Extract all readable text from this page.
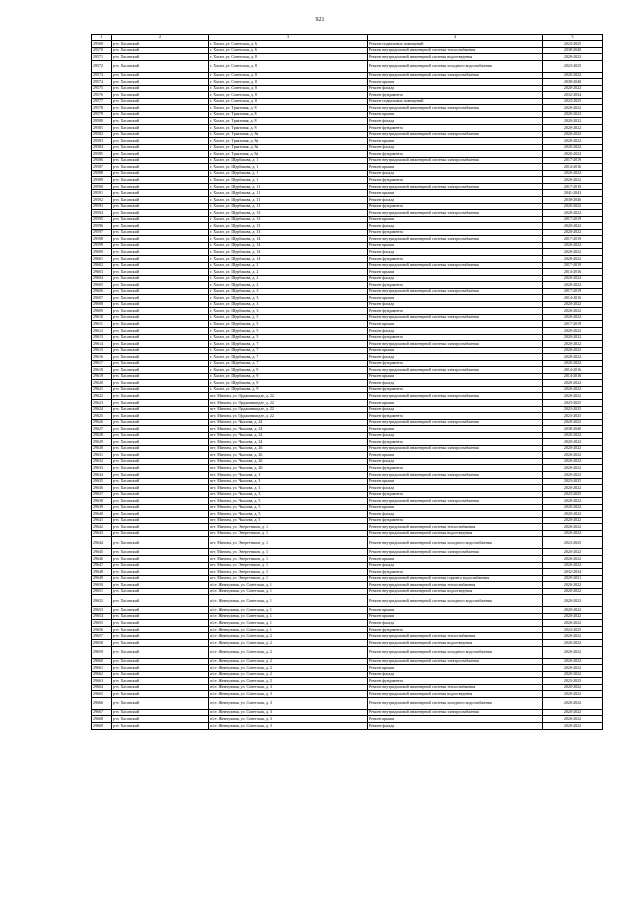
921
1	2	3	4	5
29569	р-н. Хасанский	г. Хасан, ул. Советская, д. 6	Ремонт подвальных помещений	2023-2025
29570	р-н. Хасанский	г. Хасан, ул. Советская, д. 6	Ремонт внутридомовой инженерной системы теплоснабжения	2038-2040
29571	р-н. Хасанский	г. Хасан, ул. Советская, д. 8	Ремонт внутридомовой инженерной системы водоотведения	2020-2022
29572	р-н. Хасанский	г. Хасан, ул. Советская, д. 8	Ремонт внутридомовой инженерной системы холодного водоснабжения	2023-2025
29573	р-н. Хасанский	г. Хасан, ул. Советская, д. 8	Ремонт внутридомовой инженерной системы электроснабжения	2020-2022
29574	р-н. Хасанский	г. Хасан, ул. Советская, д. 8	Ремонт крыши	2038-2040
29575	р-н. Хасанский	г. Хасан, ул. Советская, д. 8	Ремонт фасада	2020-2022
29576	р-н. Хасанский	г. Хасан, ул. Советская, д. 8	Ремонт фундамента	2032-2034
29577	р-н. Хасанский	г. Хасан, ул. Советская, д. 8	Ремонт подвальных помещений	2023-2025
29578	р-н. Хасанский	г. Хасан, ул. Трактовая, д. 8	Ремонт внутридомовой инженерной системы электроснабжения	2020-2022
29579	р-н. Хасанский	г. Хасан, ул. Трактовая, д. 8	Ремонт крыши	2020-2022
29580	р-н. Хасанский	г. Хасан, ул. Трактовая, д. 8	Ремонт фасада	2020-2022
29581	р-н. Хасанский	г. Хасан, ул. Трактовая, д. 8	Ремонт фундамента	2020-2022
29582	р-н. Хасанский	г. Хасан, ул. Трактовая, д. 8а	Ремонт внутридомовой инженерной системы электроснабжения	2020-2022
29583	р-н. Хасанский	г. Хасан, ул. Трактовая, д. 8а	Ремонт крыши	2020-2022
29584	р-н. Хасанский	г. Хасан, ул. Трактовая, д. 8а	Ремонт фасада	2020-2022
29585	р-н. Хасанский	г. Хасан, ул. Трактовая, д. 8а	Ремонт фундамента	2020-2022
29586	р-н. Хасанский	г. Хасан, ул. Щербакова, д. 1	Ремонт внутридомовой инженерной системы электроснабжения	2017-2019
29587	р-н. Хасанский	г. Хасан, ул. Щербакова, д. 1	Ремонт крыши	2014-2016
29588	р-н. Хасанский	г. Хасан, ул. Щербакова, д. 1	Ремонт фасада	2020-2022
29589	р-н. Хасанский	г. Хасан, ул. Щербакова, д. 1	Ремонт фундамента	2020-2022
29590	р-н. Хасанский	г. Хасан, ул. Щербакова, д. 11	Ремонт внутридомовой инженерной системы электроснабжения	2017-2019
29591	р-н. Хасанский	г. Хасан, ул. Щербакова, д. 11	Ремонт крыши	2041-2043
29592	р-н. Хасанский	г. Хасан, ул. Щербакова, д. 11	Ремонт фасада	2038-2040
29593	р-н. Хасанский	г. Хасан, ул. Щербакова, д. 11	Ремонт фундамента	2020-2022
29594	р-н. Хасанский	г. Хасан, ул. Щербакова, д. 13	Ремонт внутридомовой инженерной системы электроснабжения	2020-2022
29595	р-н. Хасанский	г. Хасан, ул. Щербакова, д. 13	Ремонт крыши	2017-2019
29596	р-н. Хасанский	г. Хасан, ул. Щербакова, д. 13	Ремонт фасада	2020-2022
29597	р-н. Хасанский	г. Хасан, ул. Щербакова, д. 13	Ремонт фундамента	2020-2022
29598	р-н. Хасанский	г. Хасан, ул. Щербакова, д. 14	Ремонт внутридомовой инженерной системы электроснабжения	2017-2019
29599	р-н. Хасанский	г. Хасан, ул. Щербакова, д. 14	Ремонт крыши	2020-2022
29600	р-н. Хасанский	г. Хасан, ул. Щербакова, д. 14	Ремонт фасада	2020-2022
29601	р-н. Хасанский	г. Хасан, ул. Щербакова, д. 14	Ремонт фундамента	2020-2022
29602	р-н. Хасанский	г. Хасан, ул. Щербакова, д. 2	Ремонт внутридомовой инженерной системы электроснабжения	2017-2019
29603	р-н. Хасанский	г. Хасан, ул. Щербакова, д. 2	Ремонт крыши	2014-2016
29604	р-н. Хасанский	г. Хасан, ул. Щербакова, д. 2	Ремонт фасада	2020-2022
29605	р-н. Хасанский	г. Хасан, ул. Щербакова, д. 2	Ремонт фундамента	2020-2022
29606	р-н. Хасанский	г. Хасан, ул. Щербакова, д. 3	Ремонт внутридомовой инженерной системы электроснабжения	2017-2019
29607	р-н. Хасанский	г. Хасан, ул. Щербакова, д. 3	Ремонт крыши	2014-2016
29608	р-н. Хасанский	г. Хасан, ул. Щербакова, д. 3	Ремонт фасада	2020-2022
29609	р-н. Хасанский	г. Хасан, ул. Щербакова, д. 3	Ремонт фундамента	2020-2022
29610	р-н. Хасанский	г. Хасан, ул. Щербакова, д. 5	Ремонт внутридомовой инженерной системы электроснабжения	2020-2022
29611	р-н. Хасанский	г. Хасан, ул. Щербакова, д. 5	Ремонт крыши	2017-2019
29612	р-н. Хасанский	г. Хасан, ул. Щербакова, д. 5	Ремонт фасада	2020-2022
29613	р-н. Хасанский	г. Хасан, ул. Щербакова, д. 5	Ремонт фундамента	2020-2022
29614	р-н. Хасанский	г. Хасан, ул. Щербакова, д. 7	Ремонт внутридомовой инженерной системы электроснабжения	2020-2022
29615	р-н. Хасанский	г. Хасан, ул. Щербакова, д. 7	Ремонт крыши	2020-2022
29616	р-н. Хасанский	г. Хасан, ул. Щербакова, д. 7	Ремонт фасада	2020-2022
29617	р-н. Хасанский	г. Хасан, ул. Щербакова, д. 7	Ремонт фундамента	2020-2022
29618	р-н. Хасанский	г. Хасан, ул. Щербакова, д. 9	Ремонт внутридомовой инженерной системы электроснабжения	2014-2016
29619	р-н. Хасанский	г. Хасан, ул. Щербакова, д. 9	Ремонт крыши	2014-2016
29620	р-н. Хасанский	г. Хасан, ул. Щербакова, д. 9	Ремонт фасада	2020-2022
29621	р-н. Хасанский	г. Хасан, ул. Щербакова, д. 9	Ремонт фундамента	2020-2022
29622	р-н. Хасанский	пгт. Мангам, ул. Орджоникидзе, д. 22	Ремонт внутридомовой инженерной системы электроснабжения	2020-2022
29623	р-н. Хасанский	пгт. Мангам, ул. Орджоникидзе, д. 22	Ремонт крыши	2023-2025
29624	р-н. Хасанский	пгт. Мангам, ул. Орджоникидзе, д. 22	Ремонт фасада	2023-2025
29625	р-н. Хасанский	пгт. Мангам, ул. Орджоникидзе, д. 22	Ремонт фундамента	2023-2025
29626	р-н. Хасанский	пгт. Мангам, ул. Чкалова, д. 24	Ремонт внутридомовой инженерной системы электроснабжения	2020-2022
29627	р-н. Хасанский	пгт. Мангам, ул. Чкалова, д. 24	Ремонт крыши	2038-2040
29628	р-н. Хасанский	пгт. Мангам, ул. Чкалова, д. 24	Ремонт фасада	2020-2022
29629	р-н. Хасанский	пгт. Мангам, ул. Чкалова, д. 24	Ремонт фундамента	2020-2022
29630	р-н. Хасанский	пгт. Мангам, ул. Чкалова, д. 26	Ремонт внутридомовой инженерной системы электроснабжения	2020-2022
29631	р-н. Хасанский	пгт. Мангам, ул. Чкалова, д. 26	Ремонт крыши	2020-2022
29632	р-н. Хасанский	пгт. Мангам, ул. Чкалова, д. 26	Ремонт фасада	2020-2022
29633	р-н. Хасанский	пгт. Мангам, ул. Чкалова, д. 26	Ремонт фундамента	2020-2022
29634	р-н. Хасанский	пгт. Мангам, ул. Чкалова, д. 3	Ремонт внутридомовой инженерной системы электроснабжения	2020-2022
29635	р-н. Хасанский	пгт. Мангам, ул. Чкалова, д. 3	Ремонт крыши	2023-2025
29636	р-н. Хасанский	пгт. Мангам, ул. Чкалова, д. 3	Ремонт фасада	2020-2022
29637	р-н. Хасанский	пгт. Мангам, ул. Чкалова, д. 3	Ремонт фундамента	2023-2025
29638	р-н. Хасанский	пгт. Мангам, ул. Чкалова, д. 5	Ремонт внутридомовой инженерной системы электроснабжения	2020-2022
29639	р-н. Хасанский	пгт. Мангам, ул. Чкалова, д. 5	Ремонт крыши	2020-2022
29640	р-н. Хасанский	пгт. Мангам, ул. Чкалова, д. 5	Ремонт фасада	2020-2022
29641	р-н. Хасанский	пгт. Мангам, ул. Чкалова, д. 5	Ремонт фундамента	2020-2022
29642	р-н. Хасанский	пгт. Мангам, ул. Энергетиков, д. 1	Ремонт внутридомовой инженерной системы теплоснабжения	2020-2022
29643	р-н. Хасанский	пгт. Мангам, ул. Энергетиков, д. 1	Ремонт внутридомовой инженерной системы водоотведения	2020-2022
29644	р-н. Хасанский	пгт. Мангам, ул. Энергетиков, д. 1	Ремонт внутридомовой инженерной системы холодного водоснабжения	2023-2025
29645	р-н. Хасанский	пгт. Мангам, ул. Энергетиков, д. 1	Ремонт внутридомовой инженерной системы электроснабжения	2020-2022
29646	р-н. Хасанский	пгт. Мангам, ул. Энергетиков, д. 1	Ремонт крыши	2020-2022
29647	р-н. Хасанский	пгт. Мангам, ул. Энергетиков, д. 1	Ремонт фасада	2020-2022
29648	р-н. Хасанский	пгт. Мангам, ул. Энергетиков, д. 1	Ремонт фундамента	2032-2034
29649	р-н. Хасанский	пгт. Мангам, ул. Энергетиков, д. 1	Ремонт внутридомовой инженерной системы горячего водоснабжения	2029-2031
29650	р-н. Хасанский	п/ст. Жемчужная, ул. Советская, д. 1	Ремонт внутридомовой инженерной системы теплоснабжения	2020-2022
29651	р-н. Хасанский	п/ст. Жемчужная, ул. Советская, д. 1	Ремонт внутридомовой инженерной системы водоотведения	2020-2022
29652	р-н. Хасанский	п/ст. Жемчужная, ул. Советская, д. 1	Ремонт внутридомовой инженерной системы холодного водоснабжения	2020-2022
29653	р-н. Хасанский	п/ст. Жемчужная, ул. Советская, д. 1	Ремонт крыши	2020-2022
29654	р-н. Хасанский	п/ст. Жемчужная, ул. Советская, д. 1	Ремонт крыши	2020-2022
29655	р-н. Хасанский	п/ст. Жемчужная, ул. Советская, д. 1	Ремонт фасада	2020-2022
29656	р-н. Хасанский	п/ст. Жемчужная, ул. Советская, д. 1	Ремонт фундамента	2023-2025
29657	р-н. Хасанский	п/ст. Жемчужная, ул. Советская, д. 2	Ремонт внутридомовой инженерной системы теплоснабжения	2020-2022
29658	р-н. Хасанский	п/ст. Жемчужная, ул. Советская, д. 2	Ремонт внутридомовой инженерной системы водоотведения	2020-2022
29659	р-н. Хасанский	п/ст. Жемчужная, ул. Советская, д. 2	Ремонт внутридомовой инженерной системы холодного водоснабжения	2020-2022
29660	р-н. Хасанский	п/ст. Жемчужная, ул. Советская, д. 2	Ремонт внутридомовой инженерной системы электроснабжения	2020-2022
29661	р-н. Хасанский	п/ст. Жемчужная, ул. Советская, д. 2	Ремонт крыши	2020-2022
29662	р-н. Хасанский	п/ст. Жемчужная, ул. Советская, д. 2	Ремонт фасада	2020-2022
29663	р-н. Хасанский	п/ст. Жемчужная, ул. Советская, д. 2	Ремонт фундамента	2023-2025
29664	р-н. Хасанский	п/ст. Жемчужная, ул. Советская, д. 3	Ремонт внутридомовой инженерной системы теплоснабжения	2020-2022
29665	р-н. Хасанский	п/ст. Жемчужная, ул. Советская, д. 3	Ремонт внутридомовой инженерной системы водоотведения	2020-2022
29666	р-н. Хасанский	п/ст. Жемчужная, ул. Советская, д. 3	Ремонт внутридомовой инженерной системы холодного водоснабжения	2020-2022
29667	р-н. Хасанский	п/ст. Жемчужная, ул. Советская, д. 3	Ремонт внутридомовой инженерной системы электроснабжения	2020-2022
29668	р-н. Хасанский	п/ст. Жемчужная, ул. Советская, д. 3	Ремонт крыши	2020-2022
29669	р-н. Хасанский	п/ст. Жемчужная, ул. Советская, д. 3	Ремонт фасада	2020-2022
